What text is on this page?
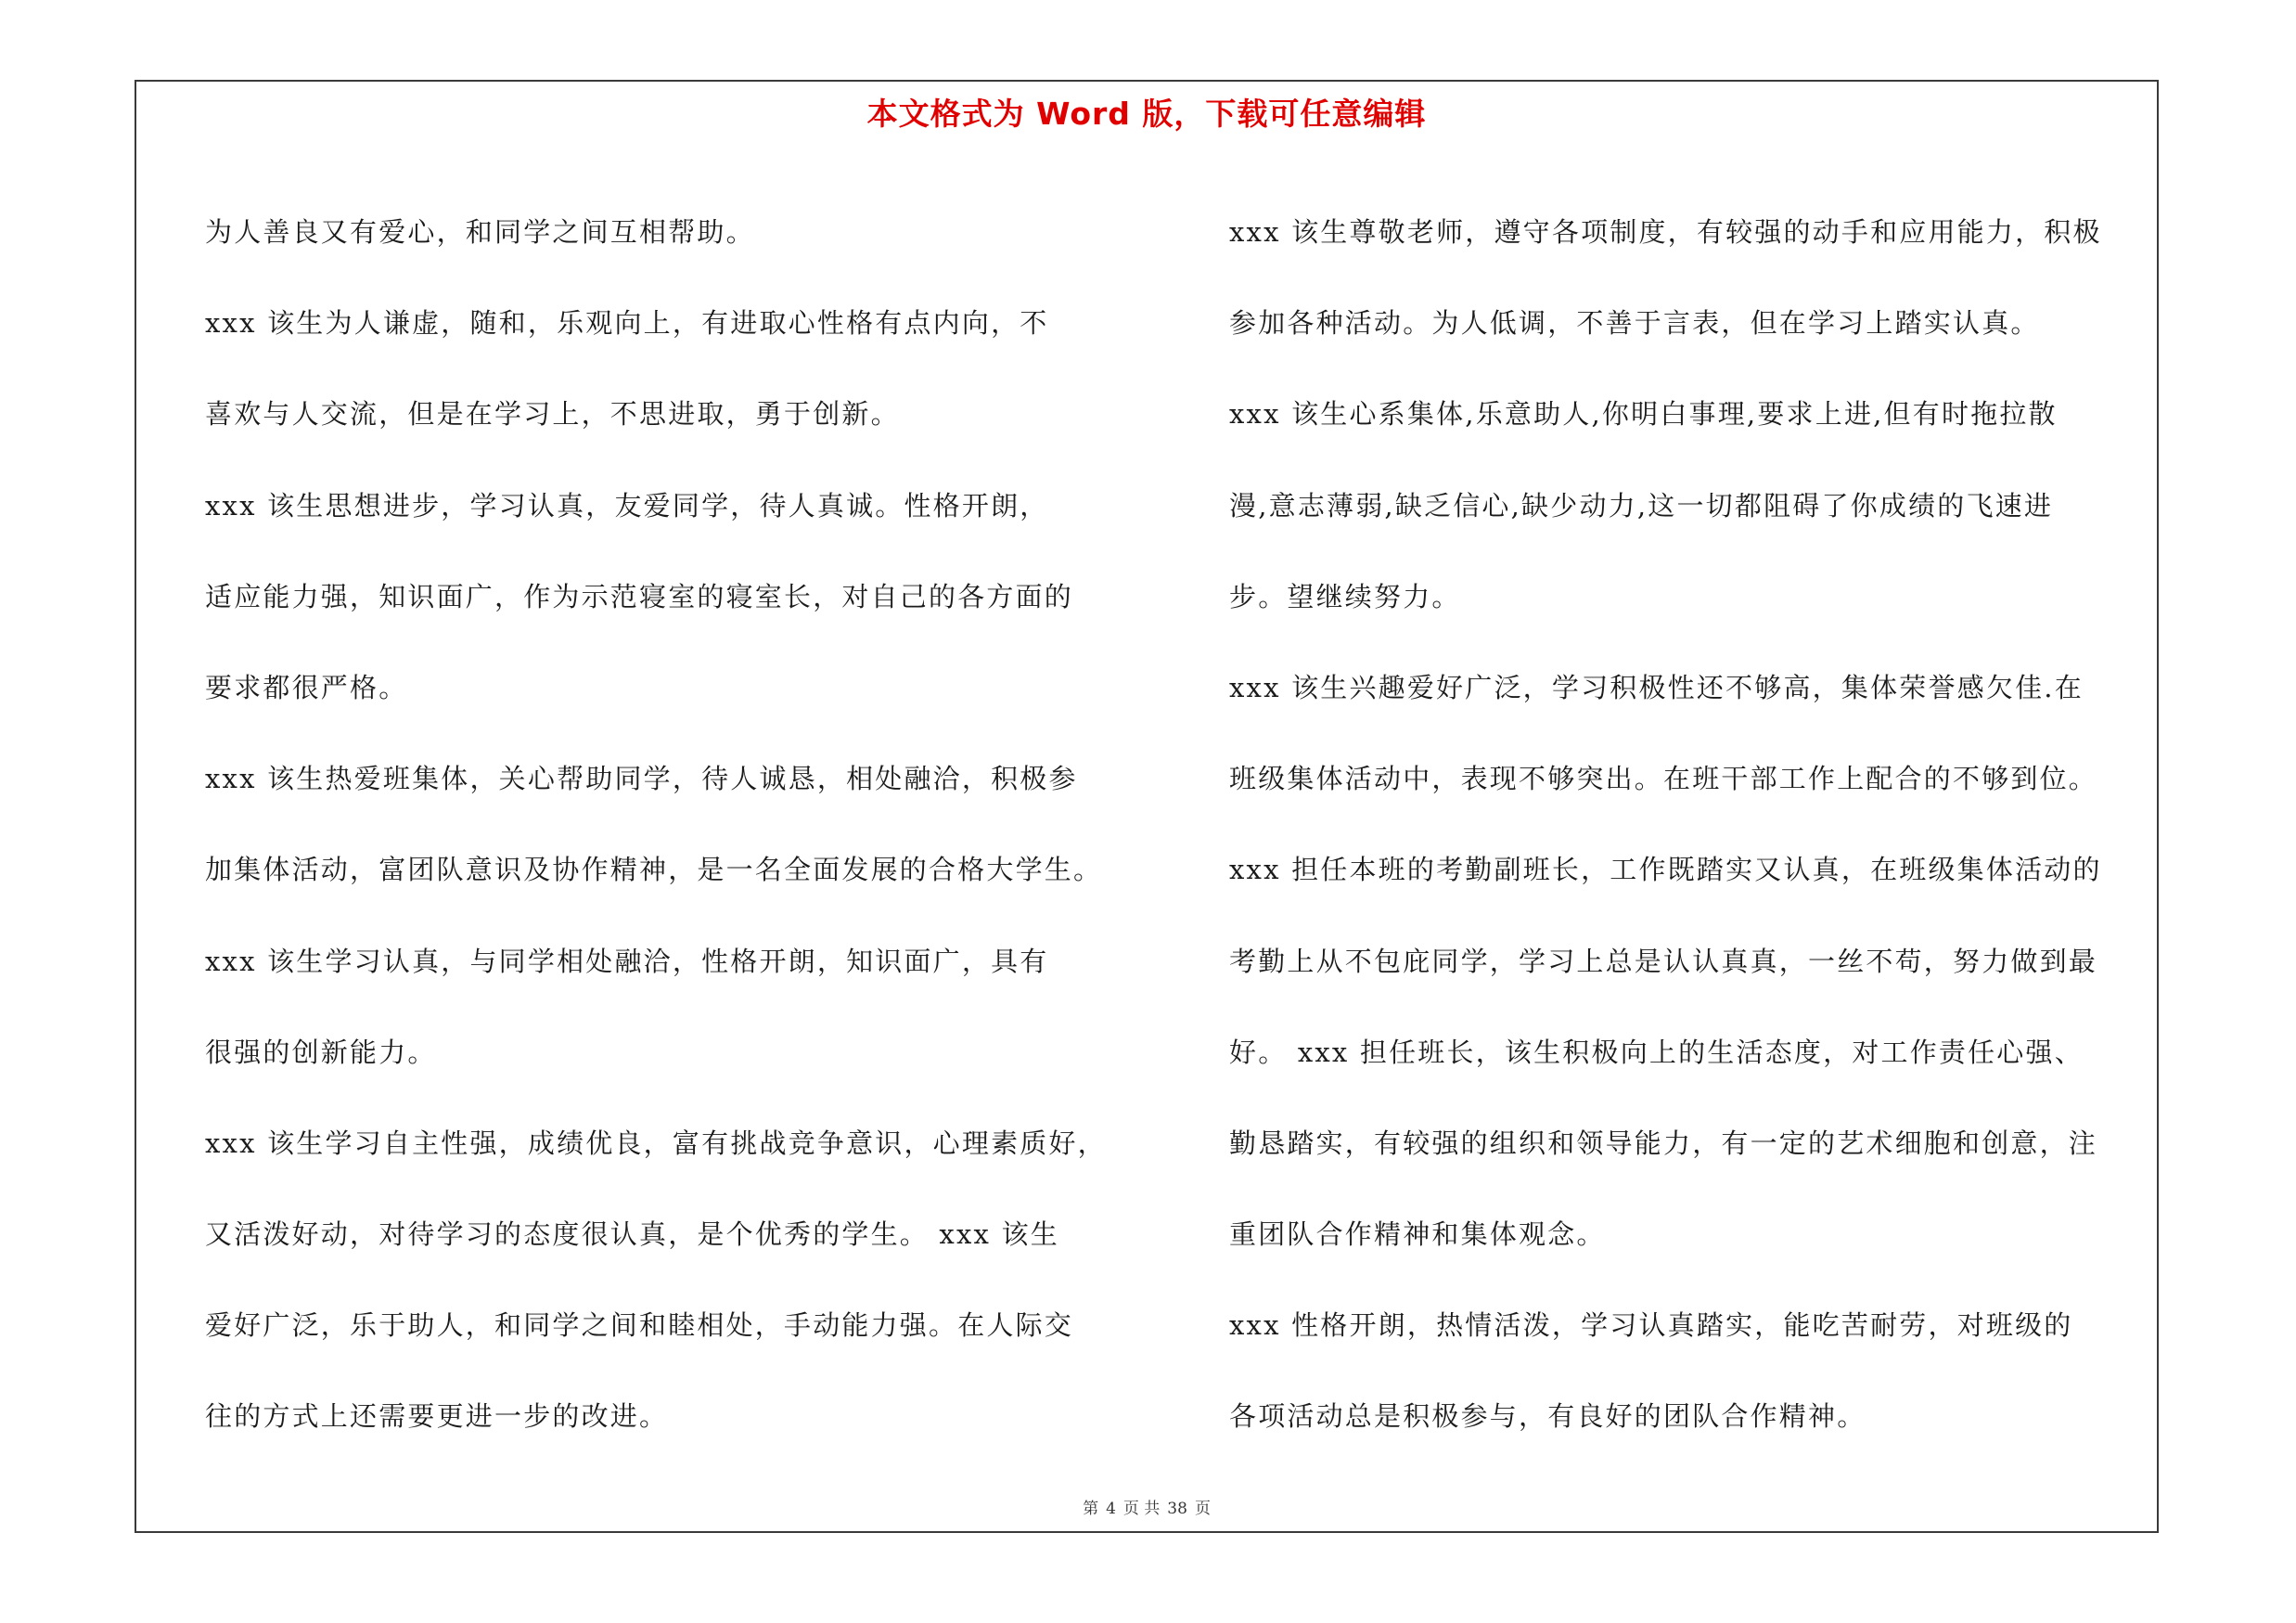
本文格式为 Word 版，下载可任意编辑
为人善良又有爱心，和同学之间互相帮助。
xxx 该生为人谦虚，随和，乐观向上，有进取心性格有点内向，不
喜欢与人交流，但是在学习上，不思进取，勇于创新。
xxx 该生思想进步，学习认真，友爱同学，待人真诚。性格开朗，
适应能力强，知识面广，作为示范寝室的寝室长，对自己的各方面的
要求都很严格。
xxx 该生热爱班集体，关心帮助同学，待人诚恳，相处融洽，积极参
加集体活动，富团队意识及协作精神，是一名全面发展的合格大学生。
xxx 该生学习认真，与同学相处融洽，性格开朗，知识面广，具有
很强的创新能力。
xxx 该生学习自主性强，成绩优良，富有挑战竞争意识，心理素质好，
又活泼好动，对待学习的态度很认真，是个优秀的学生。 xxx 该生
爱好广泛，乐于助人，和同学之间和睦相处，手动能力强。在人际交
往的方式上还需要更进一步的改进。
xxx 该生尊敬老师，遵守各项制度，有较强的动手和应用能力，积极
参加各种活动。为人低调，不善于言表，但在学习上踏实认真。
xxx 该生心系集体,乐意助人,你明白事理,要求上进,但有时拖拉散
漫,意志薄弱,缺乏信心,缺少动力,这一切都阻碍了你成绩的飞速进
步。望继续努力。
xxx 该生兴趣爱好广泛，学习积极性还不够高，集体荣誉感欠佳.在
班级集体活动中，表现不够突出。在班干部工作上配合的不够到位。
xxx 担任本班的考勤副班长，工作既踏实又认真，在班级集体活动的
考勤上从不包庇同学，学习上总是认认真真，一丝不苟，努力做到最
好。 xxx 担任班长，该生积极向上的生活态度，对工作责任心强、
勤恳踏实，有较强的组织和领导能力，有一定的艺术细胞和创意，注
重团队合作精神和集体观念。
xxx 性格开朗，热情活泼，学习认真踏实，能吃苦耐劳，对班级的
各项活动总是积极参与，有良好的团队合作精神。
第 4 页 共 38 页
